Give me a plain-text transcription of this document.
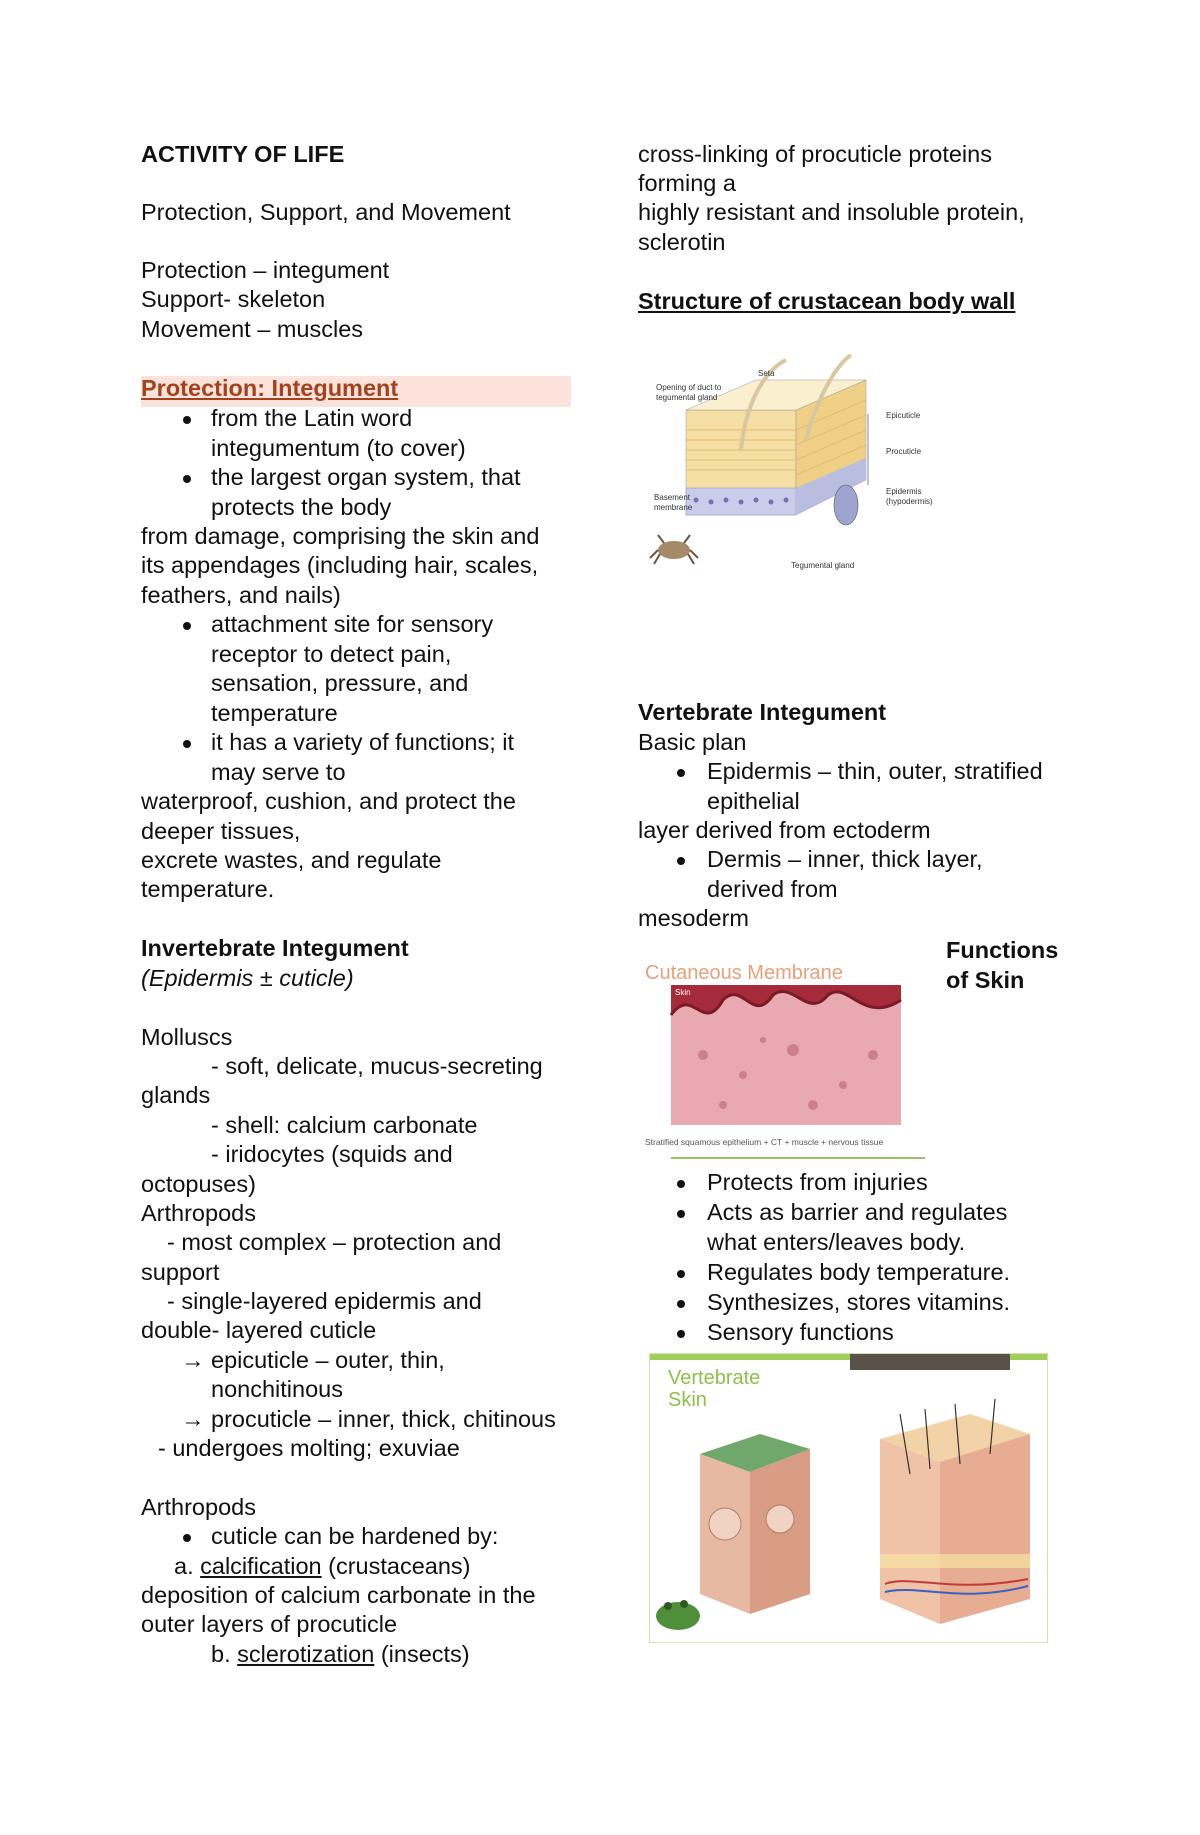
ACTIVITY OF LIFE
Protection, Support, and Movement
Protection – integument
Support- skeleton
Movement – muscles
Protection: Integument
from the Latin word
integumentum (to cover)
the largest organ system, that
protects the body
from damage, comprising the skin and
its appendages (including hair, scales,
feathers, and nails)
attachment site for sensory
receptor to detect pain,
sensation, pressure, and
temperature
it has a variety of functions; it
may serve to
waterproof, cushion, and protect the
deeper tissues,
excrete wastes, and regulate
temperature.
Invertebrate Integument
(Epidermis ± cuticle)
Molluscs
- soft, delicate, mucus-secreting
glands
- shell: calcium carbonate
- iridocytes (squids and
octopuses)
Arthropods
- most complex – protection and
support
- single-layered epidermis and
double- layered cuticle
→ epicuticle – outer, thin,
nonchitinous
→ procuticle – inner, thick, chitinous
- undergoes molting; exuviae
Arthropods
cuticle can be hardened by:
a. calcification (crustaceans)
deposition of calcium carbonate in the
outer layers of procuticle
b. sclerotization (insects)
cross-linking of procuticle proteins
forming a
highly resistant and insoluble protein,
sclerotin
Structure of crustacean body wall
Opening of duct to
tegumental gland
Seta
Epicuticle
Procuticle
Epidermis
(hypodermis)
Basement
membrane
Tegumental gland
Vertebrate Integument
Basic plan
Epidermis – thin, outer, stratified
epithelial
layer derived from ectoderm
Dermis – inner, thick layer,
derived from
mesoderm
Functions
of Skin
Cutaneous Membrane
Skin
Stratified squamous epithelium + CT + muscle + nervous tissue
Protects from injuries
Acts as barrier and regulates
what enters/leaves body.
Regulates body temperature.
Synthesizes, stores vitamins.
Sensory functions
Vertebrate
Skin
